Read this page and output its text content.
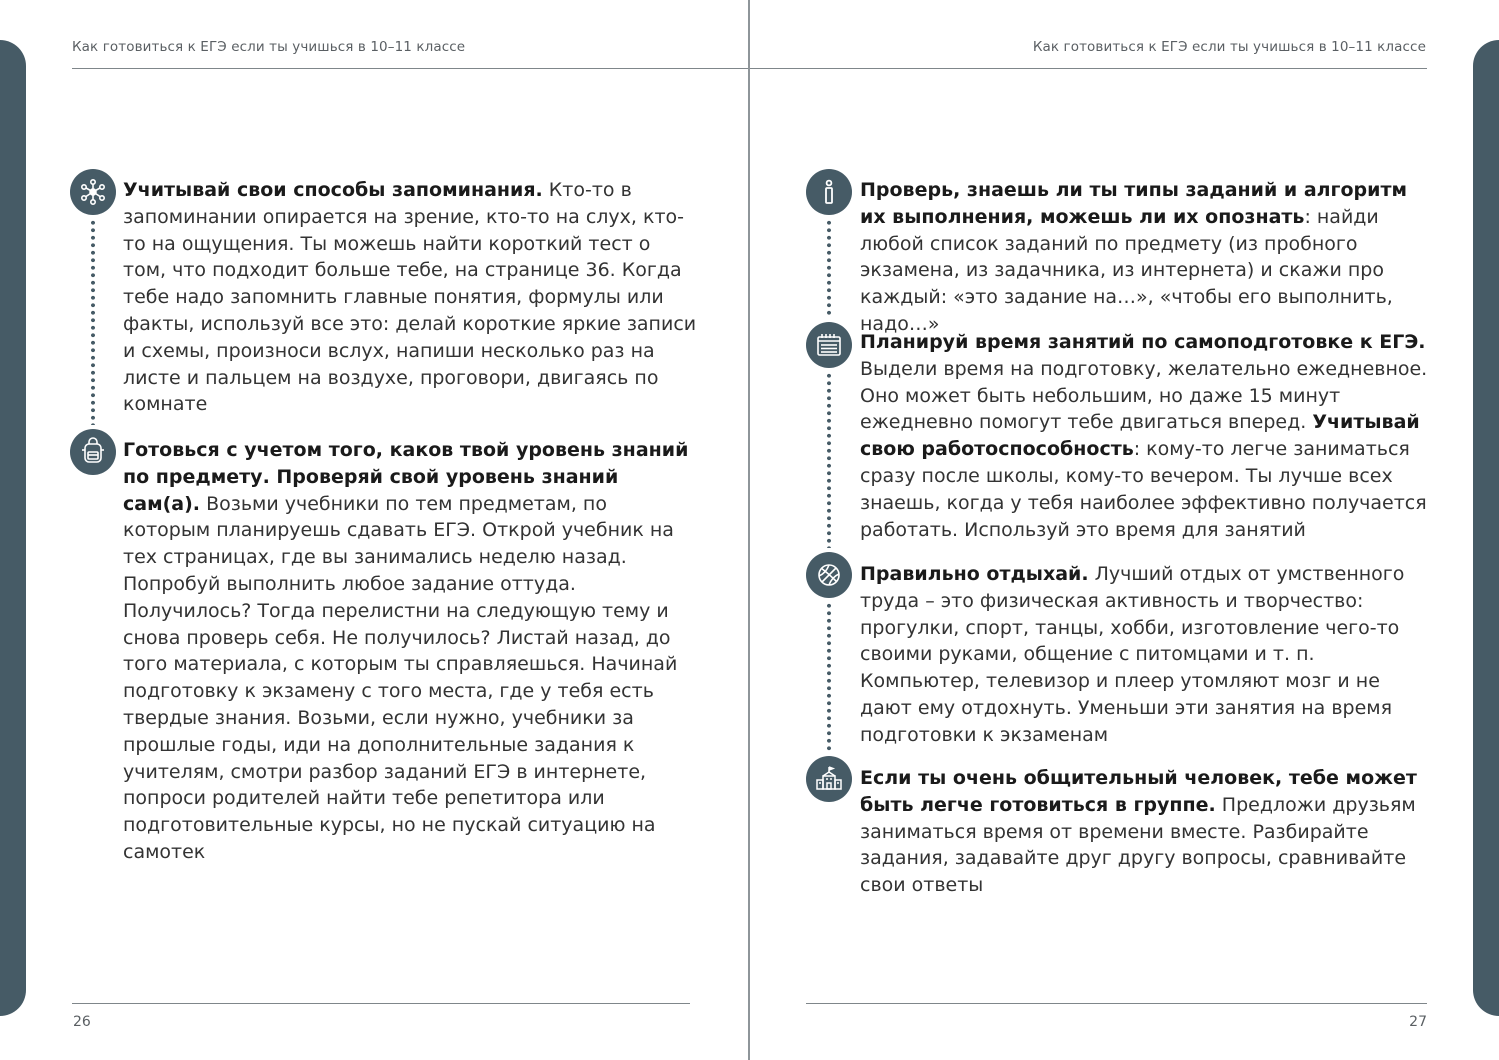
Как готовиться к ЕГЭ если ты учишься в 10–11 классе	Как готовиться к ЕГЭ если ты учишься в 10–11 классе
26	27
Учитывай свои способы запоминания. Кто-то в запоминании опирается на зрение, кто-то на слух, кто-то на ощущения. Ты можешь найти короткий тест о том, что подходит больше тебе, на странице 36. Когда тебе надо запомнить главные понятия, формулы или факты, используй все это: делай короткие яркие записи и схемы, произноси вслух, напиши несколько раз на листе и пальцем на воздухе, проговори, двигаясь по комнате
Готовься с учетом того, каков твой уровень знаний по предмету. Проверяй свой уровень знаний сам(а). Возьми учебники по тем предметам, по которым планируешь сдавать ЕГЭ. Открой учебник на тех страницах, где вы занимались неделю назад. Попробуй выполнить любое задание оттуда. Получилось? Тогда перелистни на следующую тему и снова проверь себя. Не получилось? Листай назад, до того материала, с которым ты справляешься. Начинай подготовку к экзамену с того места, где у тебя есть твердые знания. Возьми, если нужно, учебники за прошлые годы, иди на дополнительные задания к учителям, смотри разбор заданий ЕГЭ в интернете, попроси родителей найти тебе репетитора или подготовительные курсы, но не пускай ситуацию на самотек
Проверь, знаешь ли ты типы заданий и алгоритм их выполнения, можешь ли их опознать: найди любой список заданий по предмету (из пробного экзамена, из задачника, из интернета) и скажи про каждый: «это задание на…», «чтобы его выполнить, надо…»
Планируй время занятий по самоподготовке к ЕГЭ. Выдели время на подготовку, желательно ежедневное. Оно может быть небольшим, но даже 15 минут ежедневно помогут тебе двигаться вперед. Учитывай свою работоспособность: кому-то легче заниматься сразу после школы, кому-то вечером. Ты лучше всех знаешь, когда у тебя наиболее эффективно получается работать. Используй это время для занятий
Правильно отдыхай. Лучший отдых от умственного труда – это физическая активность и творчество: прогулки, спорт, танцы, хобби, изготовление чего-то своими руками, общение с питомцами и т. п. Компьютер, телевизор и плеер утомляют мозг и не дают ему отдохнуть. Уменьши эти занятия на время подготовки к экзаменам
Если ты очень общительный человек, тебе может быть легче готовиться в группе. Предложи друзьям заниматься время от времени вместе. Разбирайте задания, задавайте друг другу вопросы, сравнивайте свои ответы
